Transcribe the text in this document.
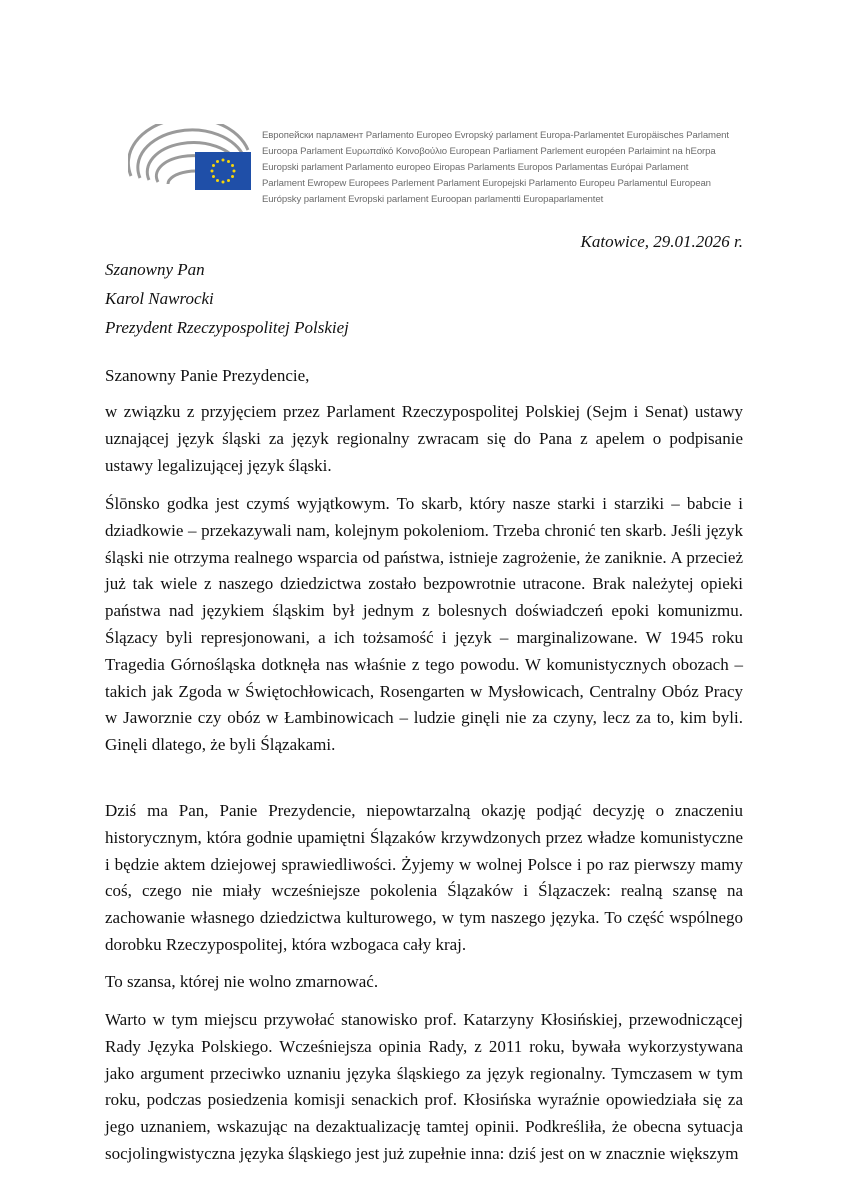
Европейски парламент Parlamento Europeo Evropský parlament Europa-Parlamentet Europäisches Parlament
Euroopa Parlament Ευρωπαϊκό Κοινοβούλιο European Parliament Parlement européen Parlaimint na hEorpa
Europski parlament Parlamento europeo Eiropas Parlaments Europos Parlamentas Európai Parlament
Parlament Ewropew Europees Parlement Parlament Europejski Parlamento Europeu Parlamentul European
Európsky parlament Evropski parlament Euroopan parlamentti Europaparlamentet
Katowice, 29.01.2026 r.
Szanowny Pan
Karol Nawrocki
Prezydent Rzeczypospolitej Polskiej
Szanowny Panie Prezydencie,
w związku z przyjęciem przez Parlament Rzeczypospolitej Polskiej (Sejm i Senat) ustawy
uznającej język śląski za język regionalny zwracam się do Pana z apelem o podpisanie
ustawy legalizującej język śląski.
Ślōnsko godka jest czymś wyjątkowym. To skarb, który nasze starki i starziki – babcie i
dziadkowie – przekazywali nam, kolejnym pokoleniom. Trzeba chronić ten skarb. Jeśli język
śląski nie otrzyma realnego wsparcia od państwa, istnieje zagrożenie, że zaniknie. A przecież
już tak wiele z naszego dziedzictwa zostało bezpowrotnie utracone. Brak należytej opieki
państwa nad językiem śląskim był jednym z bolesnych doświadczeń epoki komunizmu.
Ślązacy byli represjonowani, a ich tożsamość i język – marginalizowane. W 1945 roku
Tragedia Górnośląska dotknęła nas właśnie z tego powodu. W komunistycznych obozach –
takich jak Zgoda w Świętochłowicach, Rosengarten w Mysłowicach, Centralny Obóz Pracy
w Jaworznie czy obóz w Łambinowicach – ludzie ginęli nie za czyny, lecz za to, kim byli.
Ginęli dlatego, że byli Ślązakami.
Dziś ma Pan, Panie Prezydencie, niepowtarzalną okazję podjąć decyzję o znaczeniu
historycznym, która godnie upamiętni Ślązaków krzywdzonych przez władze komunistyczne
i będzie aktem dziejowej sprawiedliwości. Żyjemy w wolnej Polsce i po raz pierwszy mamy
coś, czego nie miały wcześniejsze pokolenia Ślązaków i Ślązaczek: realną szansę na
zachowanie własnego dziedzictwa kulturowego, w tym naszego języka. To część wspólnego
dorobku Rzeczypospolitej, która wzbogaca cały kraj.
To szansa, której nie wolno zmarnować.
Warto w tym miejscu przywołać stanowisko prof. Katarzyny Kłosińskiej, przewodniczącej
Rady Języka Polskiego. Wcześniejsza opinia Rady, z 2011 roku, bywała wykorzystywana
jako argument przeciwko uznaniu języka śląskiego za język regionalny. Tymczasem w tym
roku, podczas posiedzenia komisji senackich prof. Kłosińska wyraźnie opowiedziała się za
jego uznaniem, wskazując na dezaktualizację tamtej opinii. Podkreśliła, że obecna sytuacja
socjolingwistyczna języka śląskiego jest już zupełnie inna: dziś jest on w znacznie większym
